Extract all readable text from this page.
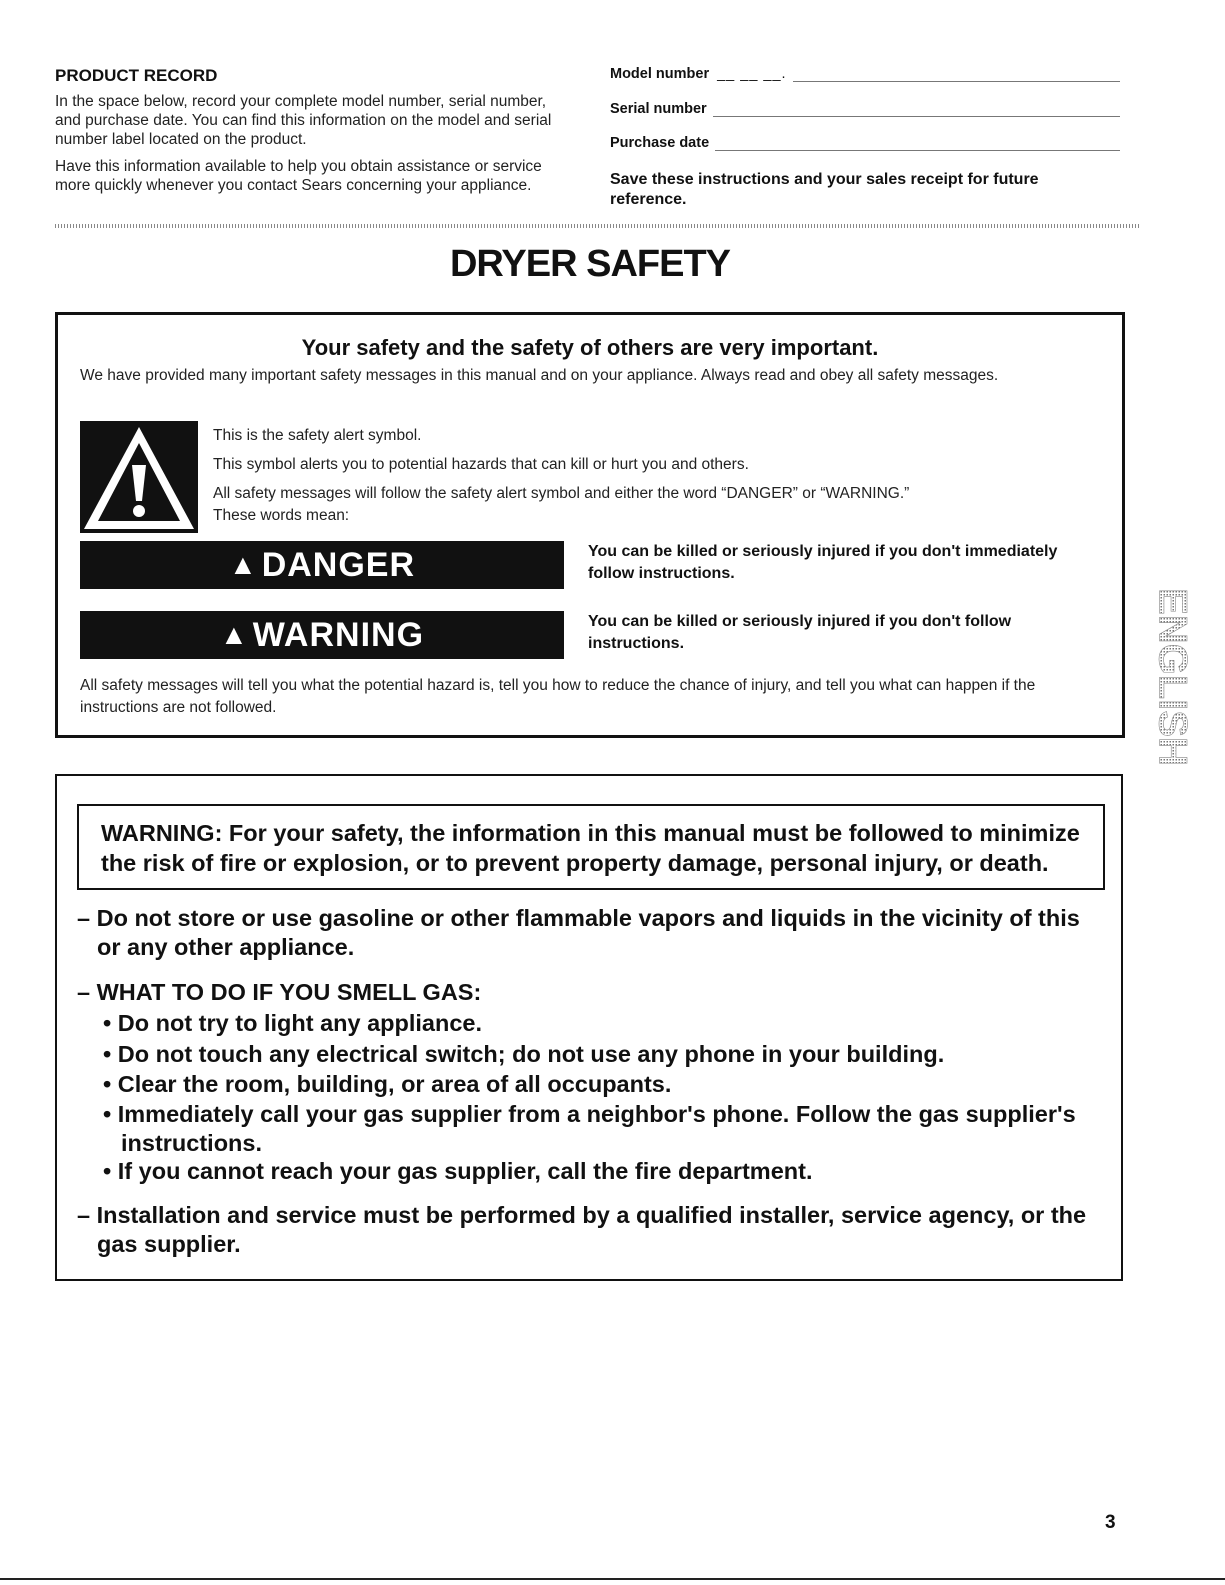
PRODUCT RECORD
In the space below, record your complete model number, serial number, and purchase date. You can find this information on the model and serial number label located on the product.
Have this information available to help you obtain assistance or service more quickly whenever you contact Sears concerning your appliance.
Model number __ __ __.
Serial number
Purchase date
Save these instructions and your sales receipt for future reference.
DRYER SAFETY
Your safety and the safety of others are very important.
We have provided many important safety messages in this manual and on your appliance. Always read and obey all safety messages.
This is the safety alert symbol.
This symbol alerts you to potential hazards that can kill or hurt you and others.
All safety messages will follow the safety alert symbol and either the word “DANGER” or “WARNING.”
These words mean:
▲ DANGER	You can be killed or seriously injured if you don't immediately follow instructions.
▲ WARNING	You can be killed or seriously injured if you don't follow instructions.
All safety messages will tell you what the potential hazard is, tell you how to reduce the chance of injury, and tell you what can happen if the instructions are not followed.	ENGLISH
WARNING: For your safety, the information in this manual must be followed to minimize the risk of fire or explosion, or to prevent property damage, personal injury, or death.
– Do not store or use gasoline or other flammable vapors and liquids in the vicinity of this or any other appliance.
– WHAT TO DO IF YOU SMELL GAS:
• Do not try to light any appliance.
• Do not touch any electrical switch; do not use any phone in your building.
• Clear the room, building, or area of all occupants.
• Immediately call your gas supplier from a neighbor's phone. Follow the gas supplier's instructions.
• If you cannot reach your gas supplier, call the fire department.
– Installation and service must be performed by a qualified installer, service agency, or the gas supplier.
3
